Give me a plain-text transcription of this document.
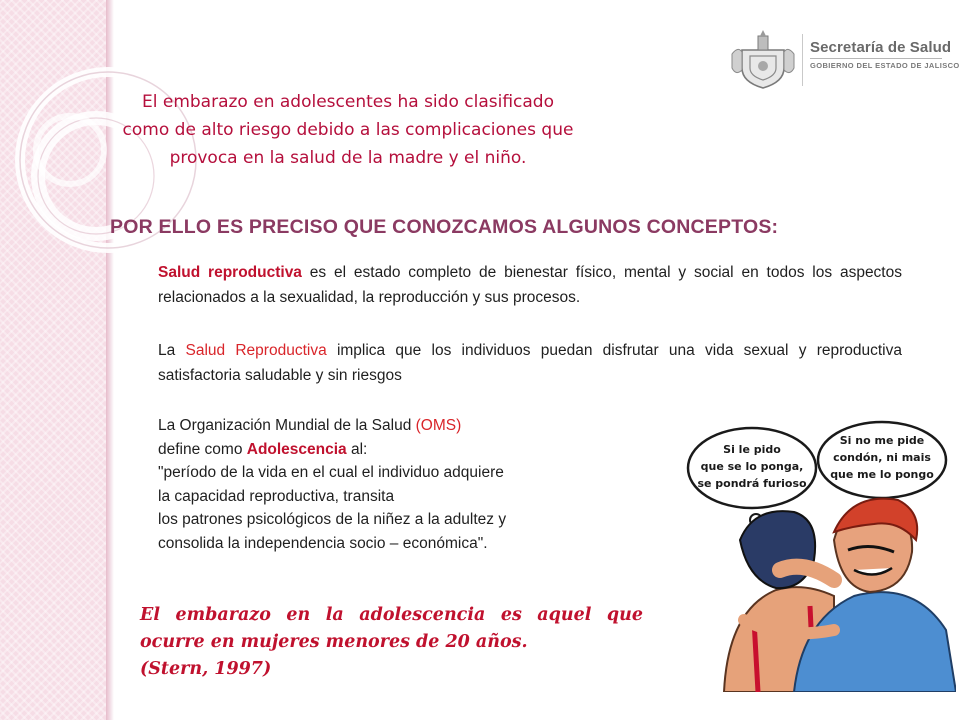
Secretaría de Salud
GOBIERNO DEL ESTADO DE JALISCO
El embarazo en adolescentes ha sido clasificado como de alto riesgo debido a las complicaciones que provoca en la salud de la madre y el niño.
POR ELLO ES PRECISO QUE CONOZCAMOS ALGUNOS CONCEPTOS:
Salud reproductiva es el estado completo de bienestar físico, mental y social en todos los aspectos relacionados a la sexualidad, la reproducción y sus procesos.
La Salud Reproductiva implica que los individuos puedan disfrutar una vida sexual y reproductiva satisfactoria saludable y sin riesgos
La Organización Mundial de la Salud (OMS)
define como Adolescencia al:
"período de la vida en el cual el individuo adquiere
la capacidad reproductiva, transita
los patrones psicológicos de la niñez a la adultez y
consolida la independencia socio – económica".
El embarazo en la adolescencia es aquel que ocurre en mujeres menores de 20 años.
(Stern, 1997)
Si le pido
que se lo ponga,
se pondrá furioso
Si no me pide
condón, ni mais
que me lo pongo
